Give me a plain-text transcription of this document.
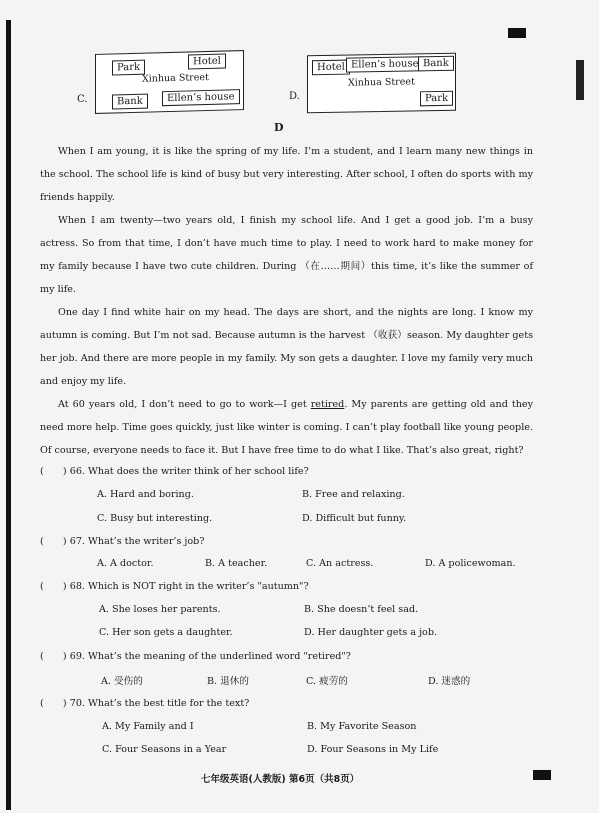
C.
Park
Hotel
Xinhua Street
Bank	Ellen’s house	D.
Hotel Ellen’s house Bank
Xinhua Street
Park
D

When I am young, it is like the spring of my life. I’m a student, and I learn many new things in the school. The school life is kind of busy but very interesting. After school, I often do sports with my friends happily.

When I am twenty—two years old, I finish my school life. And I get a good job. I’m a busy actress. So from that time, I don’t have much time to play. I need to work hard to make money for my family because I have two cute children. During （在……期间）this time, it’s like the summer of my life.

One day I find white hair on my head. The days are short, and the nights are long. I know my autumn is coming. But I’m not sad. Because autumn is the harvest （收获）season. My daughter gets her job. And there are more people in my family. My son gets a daughter. I love my family very much and enjoy my life.

At 60 years old, I don’t need to go to work—I get retired. My parents are getting old and they need more help. Time goes quickly, just like winter is coming. I can’t play football like young people. Of course, everyone needs to face it. But I have free time to do what I like. That’s also great, right?

(  ) 66. What does the writer think of her school life?
A. Hard and boring.	B. Free and relaxing.
C. Busy but interesting.	D. Difficult but funny.
(  ) 67. What’s the writer’s job?
A. A doctor.	B. A teacher.	C. An actress.	D. A policewoman.
(  ) 68. Which is NOT right in the writer’s "autumn"?
A. She loses her parents.	B. She doesn’t feel sad.
C. Her son gets a daughter.	D. Her daughter gets a job.
(  ) 69. What’s the meaning of the underlined word "retired"?
A. 受伤的	B. 退休的	C. 疲劳的	D. 迷惑的
(  ) 70. What’s the best title for the text?
A. My Family and I	B. My Favorite Season
C. Four Seasons in a Year	D. Four Seasons in My Life
七年级英语(人教版) 第6页（共8页）
